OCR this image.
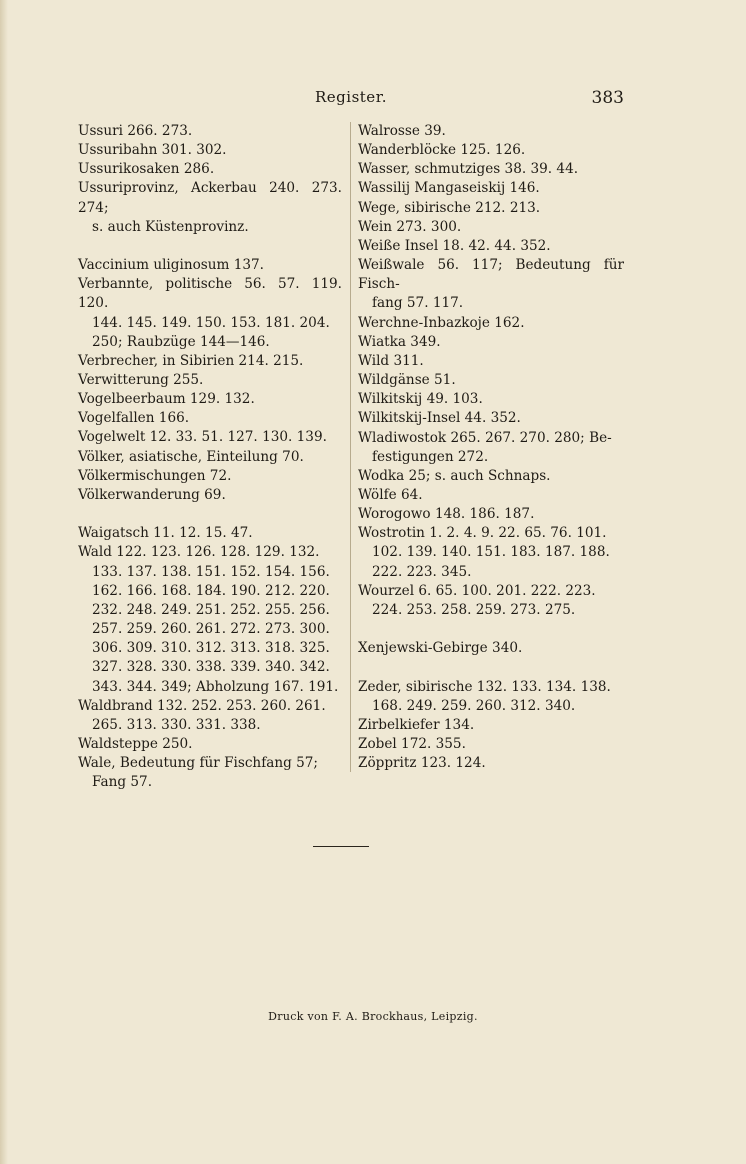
Register.	383
Ussuri 266. 273.
Ussuribahn 301. 302.
Ussurikosaken 286.
Ussuriprovinz, Ackerbau 240. 273. 274;
s. auch Küstenprovinz.
Vaccinium uliginosum 137.
Verbannte, politische 56. 57. 119. 120.
144. 145. 149. 150. 153. 181. 204.
250; Raubzüge 144—146.
Verbrecher, in Sibirien 214. 215.
Verwitterung 255.
Vogelbeerbaum 129. 132.
Vogelfallen 166.
Vogelwelt 12. 33. 51. 127. 130. 139.
Völker, asiatische, Einteilung 70.
Völkermischungen 72.
Völkerwanderung 69.
Waigatsch 11. 12. 15. 47.
Wald 122. 123. 126. 128. 129. 132.
133. 137. 138. 151. 152. 154. 156.
162. 166. 168. 184. 190. 212. 220.
232. 248. 249. 251. 252. 255. 256.
257. 259. 260. 261. 272. 273. 300.
306. 309. 310. 312. 313. 318. 325.
327. 328. 330. 338. 339. 340. 342.
343. 344. 349; Abholzung 167. 191.
Waldbrand 132. 252. 253. 260. 261.
265. 313. 330. 331. 338.
Waldsteppe 250.
Wale, Bedeutung für Fischfang 57;
Fang 57.
Walrosse 39.
Wanderblöcke 125. 126.
Wasser, schmutziges 38. 39. 44.
Wassilij Mangaseiskij 146.
Wege, sibirische 212. 213.
Wein 273. 300.
Weiße Insel 18. 42. 44. 352.
Weißwale 56. 117; Bedeutung für Fisch-
fang 57. 117.
Werchne-Inbazkoje 162.
Wiatka 349.
Wild 311.
Wildgänse 51.
Wilkitskij 49. 103.
Wilkitskij-Insel 44. 352.
Wladiwostok 265. 267. 270. 280; Be-
festigungen 272.
Wodka 25; s. auch Schnaps.
Wölfe 64.
Worogowo 148. 186. 187.
Wostrotin 1. 2. 4. 9. 22. 65. 76. 101.
102. 139. 140. 151. 183. 187. 188.
222. 223. 345.
Wourzel 6. 65. 100. 201. 222. 223.
224. 253. 258. 259. 273. 275.
Xenjewski-Gebirge 340.
Zeder, sibirische 132. 133. 134. 138.
168. 249. 259. 260. 312. 340.
Zirbelkiefer 134.
Zobel 172. 355.
Zöppritz 123. 124.
Druck von F. A. Brockhaus, Leipzig.
